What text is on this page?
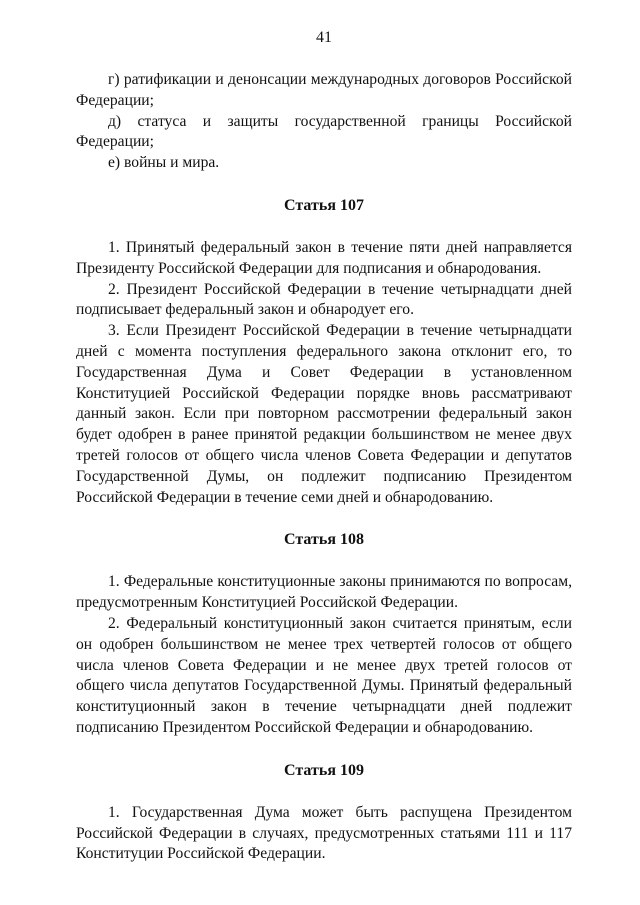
41

г) ратификации и денонсации международных договоров Российской Федерации;

д) статуса и защиты государственной границы Российской Федерации;

е) войны и мира.

Статья 107

1. Принятый федеральный закон в течение пяти дней направляется Президенту Российской Федерации для подписания и обнародования.

2. Президент Российской Федерации в течение четырнадцати дней подписывает федеральный закон и обнародует его.

3. Если Президент Российской Федерации в течение четырнадцати дней с момента поступления федерального закона отклонит его, то Государственная Дума и Совет Федерации в установленном Конституцией Российской Федерации порядке вновь рассматривают данный закон. Если при повторном рассмотрении федеральный закон будет одобрен в ранее принятой редакции большинством не менее двух третей голосов от общего числа членов Совета Федерации и депутатов Государственной Думы, он подлежит подписанию Президентом Российской Федерации в течение семи дней и обнародованию.

Статья 108

1. Федеральные конституционные законы принимаются по вопросам, предусмотренным Конституцией Российской Федерации.

2. Федеральный конституционный закон считается принятым, если он одобрен большинством не менее трех четвертей голосов от общего числа членов Совета Федерации и не менее двух третей голосов от общего числа депутатов Государственной Думы. Принятый федеральный конституционный закон в течение четырнадцати дней подлежит подписанию Президентом Российской Федерации и обнародованию.

Статья 109

1. Государственная Дума может быть распущена Президентом Российской Федерации в случаях, предусмотренных статьями 111 и 117 Конституции Российской Федерации.
